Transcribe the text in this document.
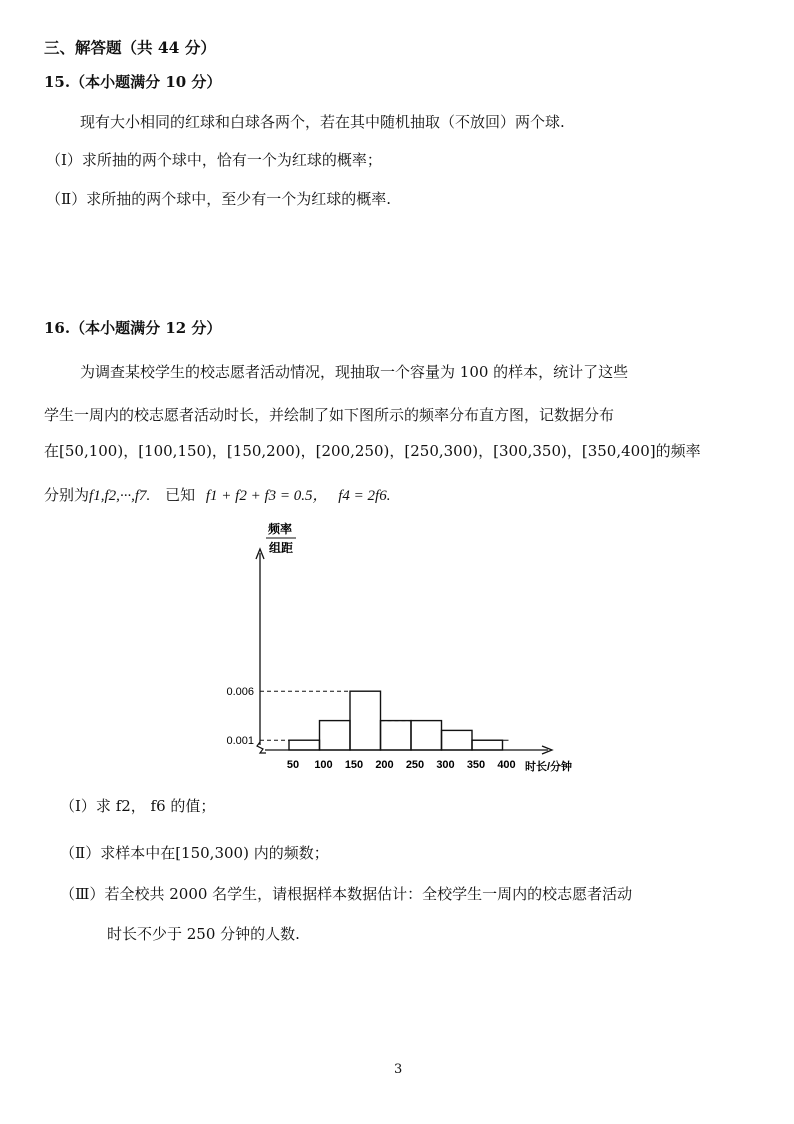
三、解答题（共 44 分）
15.（本小题满分 10 分）
现有大小相同的红球和白球各两个，若在其中随机抽取（不放回）两个球.
（Ⅰ）求所抽的两个球中，恰有一个为红球的概率；
（Ⅱ）求所抽的两个球中，至少有一个为红球的概率.
16.（本小题满分 12 分）
为调查某校学生的校志愿者活动情况，现抽取一个容量为 100 的样本，统计了这些
学生一周内的校志愿者活动时长，并绘制了如下图所示的频率分布直方图，记数据分布
在[50,100)，[100,150)，[150,200)，[200,250)，[250,300)，[300,350)，[350,400]的频率
分别为f1,f2,···,f7. 已知 f1 + f2 + f3 = 0.5， f4 = 2f6.
频率
组距
0.006
0.001
50 100 150 200 250 300 350 400 时长/分钟
（Ⅰ）求 f2， f6 的值；
（Ⅱ）求样本中在[150,300) 内的频数；
（Ⅲ）若全校共 2000 名学生，请根据样本数据估计：全校学生一周内的校志愿者活动
时长不少于 250 分钟的人数.
3
